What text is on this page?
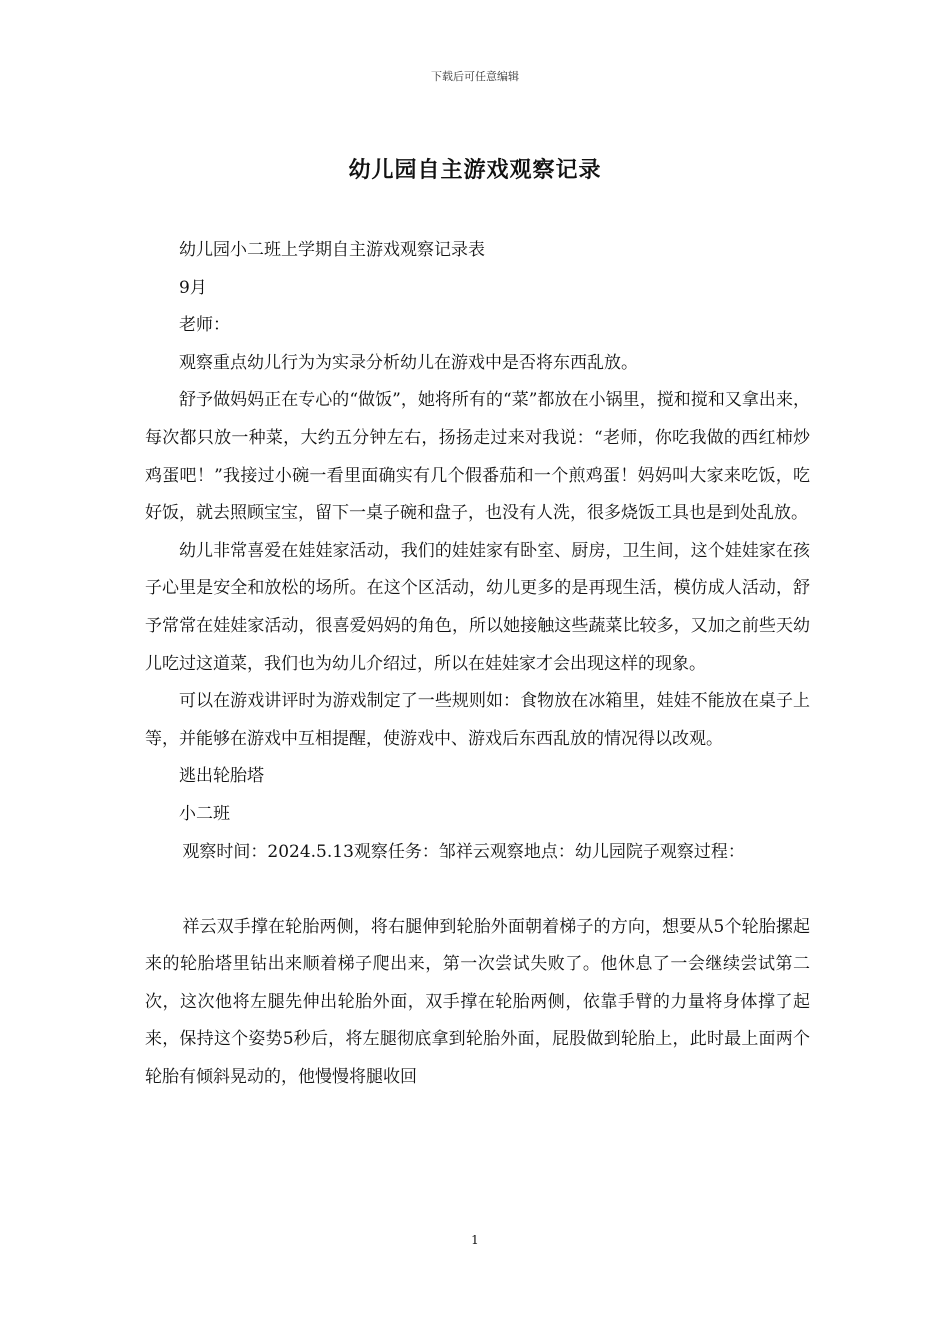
下载后可任意编辑
幼儿园自主游戏观察记录

幼儿园小二班上学期自主游戏观察记录表

9月

老师：

观察重点幼儿行为为实录分析幼儿在游戏中是否将东西乱放。

舒予做妈妈正在专心的“做饭”，她将所有的“菜”都放在小锅里，搅和搅和又拿出来，每次都只放一种菜，大约五分钟左右，扬扬走过来对我说：“老师，你吃我做的西红柿炒鸡蛋吧！”我接过小碗一看里面确实有几个假番茄和一个煎鸡蛋！妈妈叫大家来吃饭，吃好饭，就去照顾宝宝，留下一桌子碗和盘子，也没有人洗，很多烧饭工具也是到处乱放。

幼儿非常喜爱在娃娃家活动，我们的娃娃家有卧室、厨房，卫生间，这个娃娃家在孩子心里是安全和放松的场所。在这个区活动，幼儿更多的是再现生活，模仿成人活动，舒予常常在娃娃家活动，很喜爱妈妈的角色，所以她接触这些蔬菜比较多，又加之前些天幼儿吃过这道菜，我们也为幼儿介绍过，所以在娃娃家才会出现这样的现象。

可以在游戏讲评时为游戏制定了一些规则如：食物放在冰箱里，娃娃不能放在桌子上等，并能够在游戏中互相提醒，使游戏中、游戏后东西乱放的情况得以改观。

逃出轮胎塔

小二班

观察时间：2024.5.13观察任务：邹祥云观察地点：幼儿园院子观察过程：

祥云双手撑在轮胎两侧，将右腿伸到轮胎外面朝着梯子的方向，想要从5个轮胎摞起来的轮胎塔里钻出来顺着梯子爬出来，第一次尝试失败了。他休息了一会继续尝试第二次，这次他将左腿先伸出轮胎外面，双手撑在轮胎两侧，依靠手臂的力量将身体撑了起来，保持这个姿势5秒后，将左腿彻底拿到轮胎外面，屁股做到轮胎上，此时最上面两个轮胎有倾斜晃动的，他慢慢将腿收回

1
